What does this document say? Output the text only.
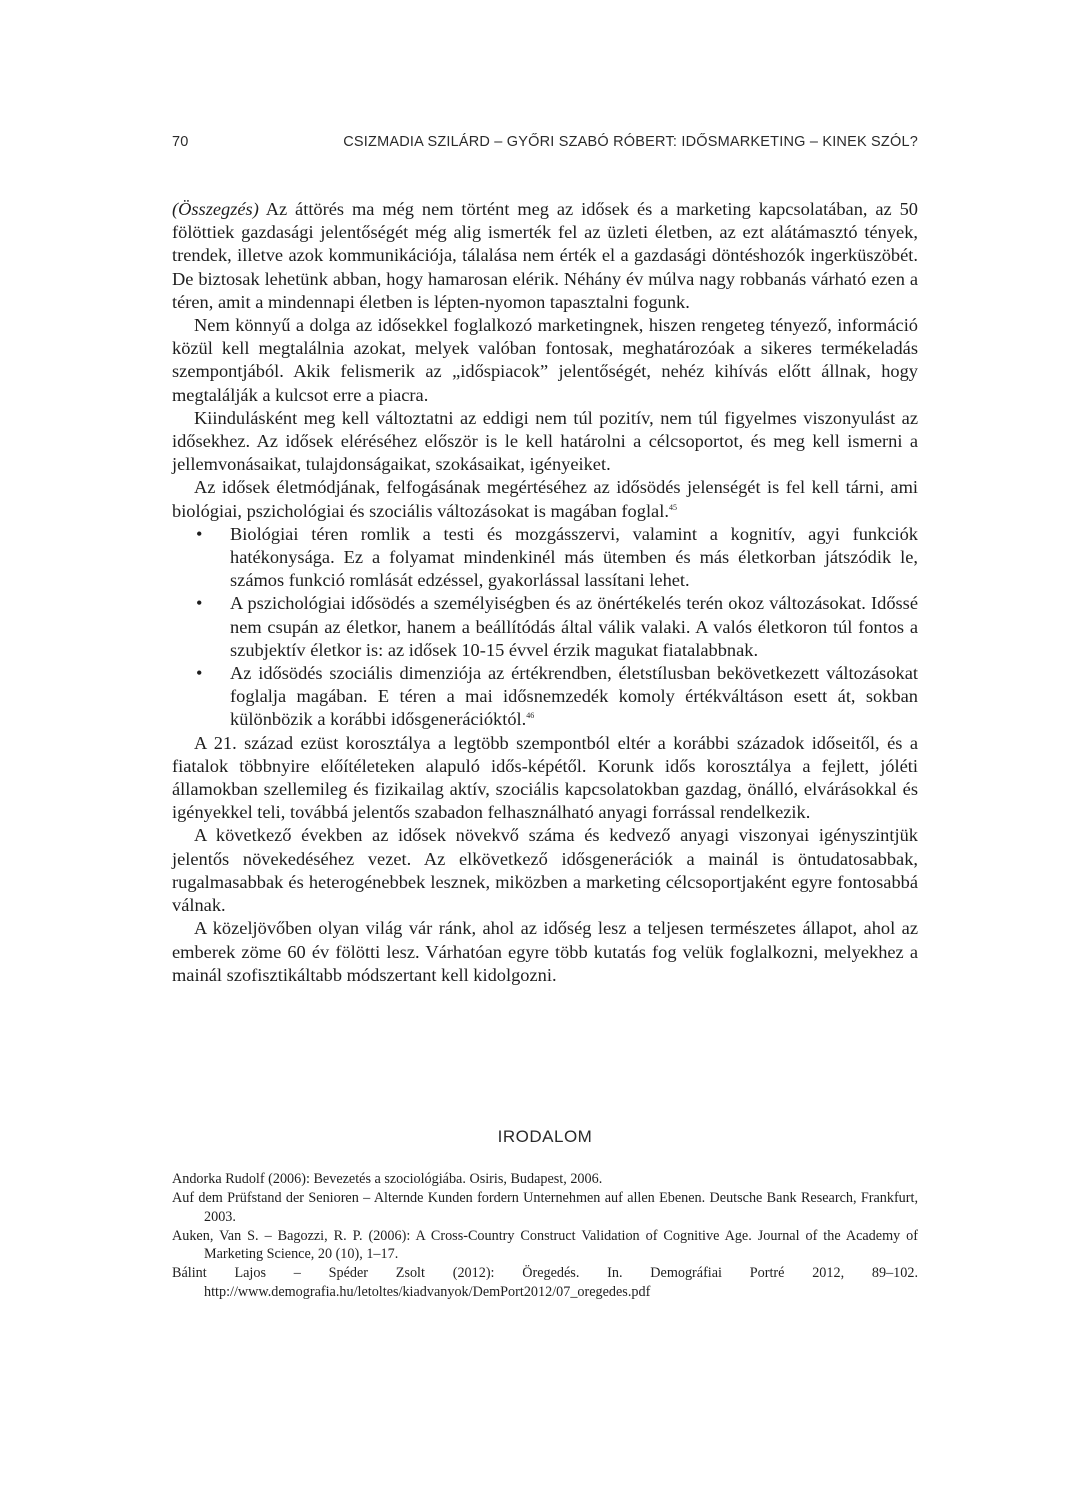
70	CSIZMADIA SZILÁRD – GYŐRI SZABÓ RÓBERT: IDŐSMARKETING – KINEK SZÓL?

(Összegzés) Az áttörés ma még nem történt meg az idősek és a marketing kapcsolatában, az 50 fölöttiek gazdasági jelentőségét még alig ismerték fel az üzleti életben, az ezt alátámasztó tények, trendek, illetve azok kommunikációja, tálalása nem érték el a gazdasági döntéshozók ingerküszöbét. De biztosak lehetünk abban, hogy hamarosan elérik. Néhány év múlva nagy robbanás várható ezen a téren, amit a mindennapi életben is lépten-nyomon tapasztalni fogunk.

Nem könnyű a dolga az idősekkel foglalkozó marketingnek, hiszen rengeteg tényező, információ közül kell megtalálnia azokat, melyek valóban fontosak, meghatározóak a sikeres termékeladás szempontjából. Akik felismerik az „időspiacok” jelentőségét, nehéz kihívás előtt állnak, hogy megtalálják a kulcsot erre a piacra.

Kiindulásként meg kell változtatni az eddigi nem túl pozitív, nem túl figyelmes viszonyulást az idősekhez. Az idősek eléréséhez először is le kell határolni a célcsoportot, és meg kell ismerni a jellemvonásaikat, tulajdonságaikat, szokásaikat, igényeiket.

Az idősek életmódjának, felfogásának megértéséhez az idősödés jelenségét is fel kell tárni, ami biológiai, pszichológiai és szociális változásokat is magában foglal.$^{45}$

• Biológiai téren romlik a testi és mozgásszervi, valamint a kognitív, agyi funkciók hatékonysága. Ez a folyamat mindenkinél más ütemben és más életkorban játszódik le, számos funkció romlását edzéssel, gyakorlással lassítani lehet.
• A pszichológiai idősödés a személyiségben és az önértékelés terén okoz változásokat. Időssé nem csupán az életkor, hanem a beállítódás által válik valaki. A valós életkoron túl fontos a szubjektív életkor is: az idősek 10-15 évvel érzik magukat fiatalabbnak.
• Az idősödés szociális dimenziója az értékrendben, életstílusban bekövetkezett változásokat foglalja magában. E téren a mai idősnemzedék komoly értékváltáson esett át, sokban különbözik a korábbi idősgenerációktól.$^{46}$

A 21. század ezüst korosztálya a legtöbb szempontból eltér a korábbi századok időseitől, és a fiatalok többnyire előítéleteken alapuló idős-képétől. Korunk idős korosztálya a fejlett, jóléti államokban szellemileg és fizikailag aktív, szociális kapcsolatokban gazdag, önálló, elvárásokkal és igényekkel teli, továbbá jelentős szabadon felhasználható anyagi forrással rendelkezik.

A következő években az idősek növekvő száma és kedvező anyagi viszonyai igényszintjük jelentős növekedéséhez vezet. Az elkövetkező idősgenerációk a mainál is öntudatosabbak, rugalmasabbak és heterogénebbek lesznek, miközben a marketing célcsoportjaként egyre fontosabbá válnak.

A közeljövőben olyan világ vár ránk, ahol az időség lesz a teljesen természetes állapot, ahol az emberek zöme 60 év fölötti lesz. Várhatóan egyre több kutatás fog velük foglalkozni, melyekhez a mainál szofisztikáltabb módszertant kell kidolgozni.

IRODALOM

Andorka Rudolf (2006): Bevezetés a szociológiába. Osiris, Budapest, 2006.

Auf dem Prüfstand der Senioren – Alternde Kunden fordern Unternehmen auf allen Ebenen. Deutsche Bank Research, Frankfurt, 2003.

Auken, Van S. – Bagozzi, R. P. (2006): A Cross-Country Construct Validation of Cognitive Age. Journal of the Academy of Marketing Science, 20 (10), 1–17.

Bálint Lajos – Spéder Zsolt (2012): Öregedés. In. Demográfiai Portré 2012, 89–102. http://www.demografia.hu/letoltes/kiadvanyok/DemPort2012/07_oregedes.pdf
